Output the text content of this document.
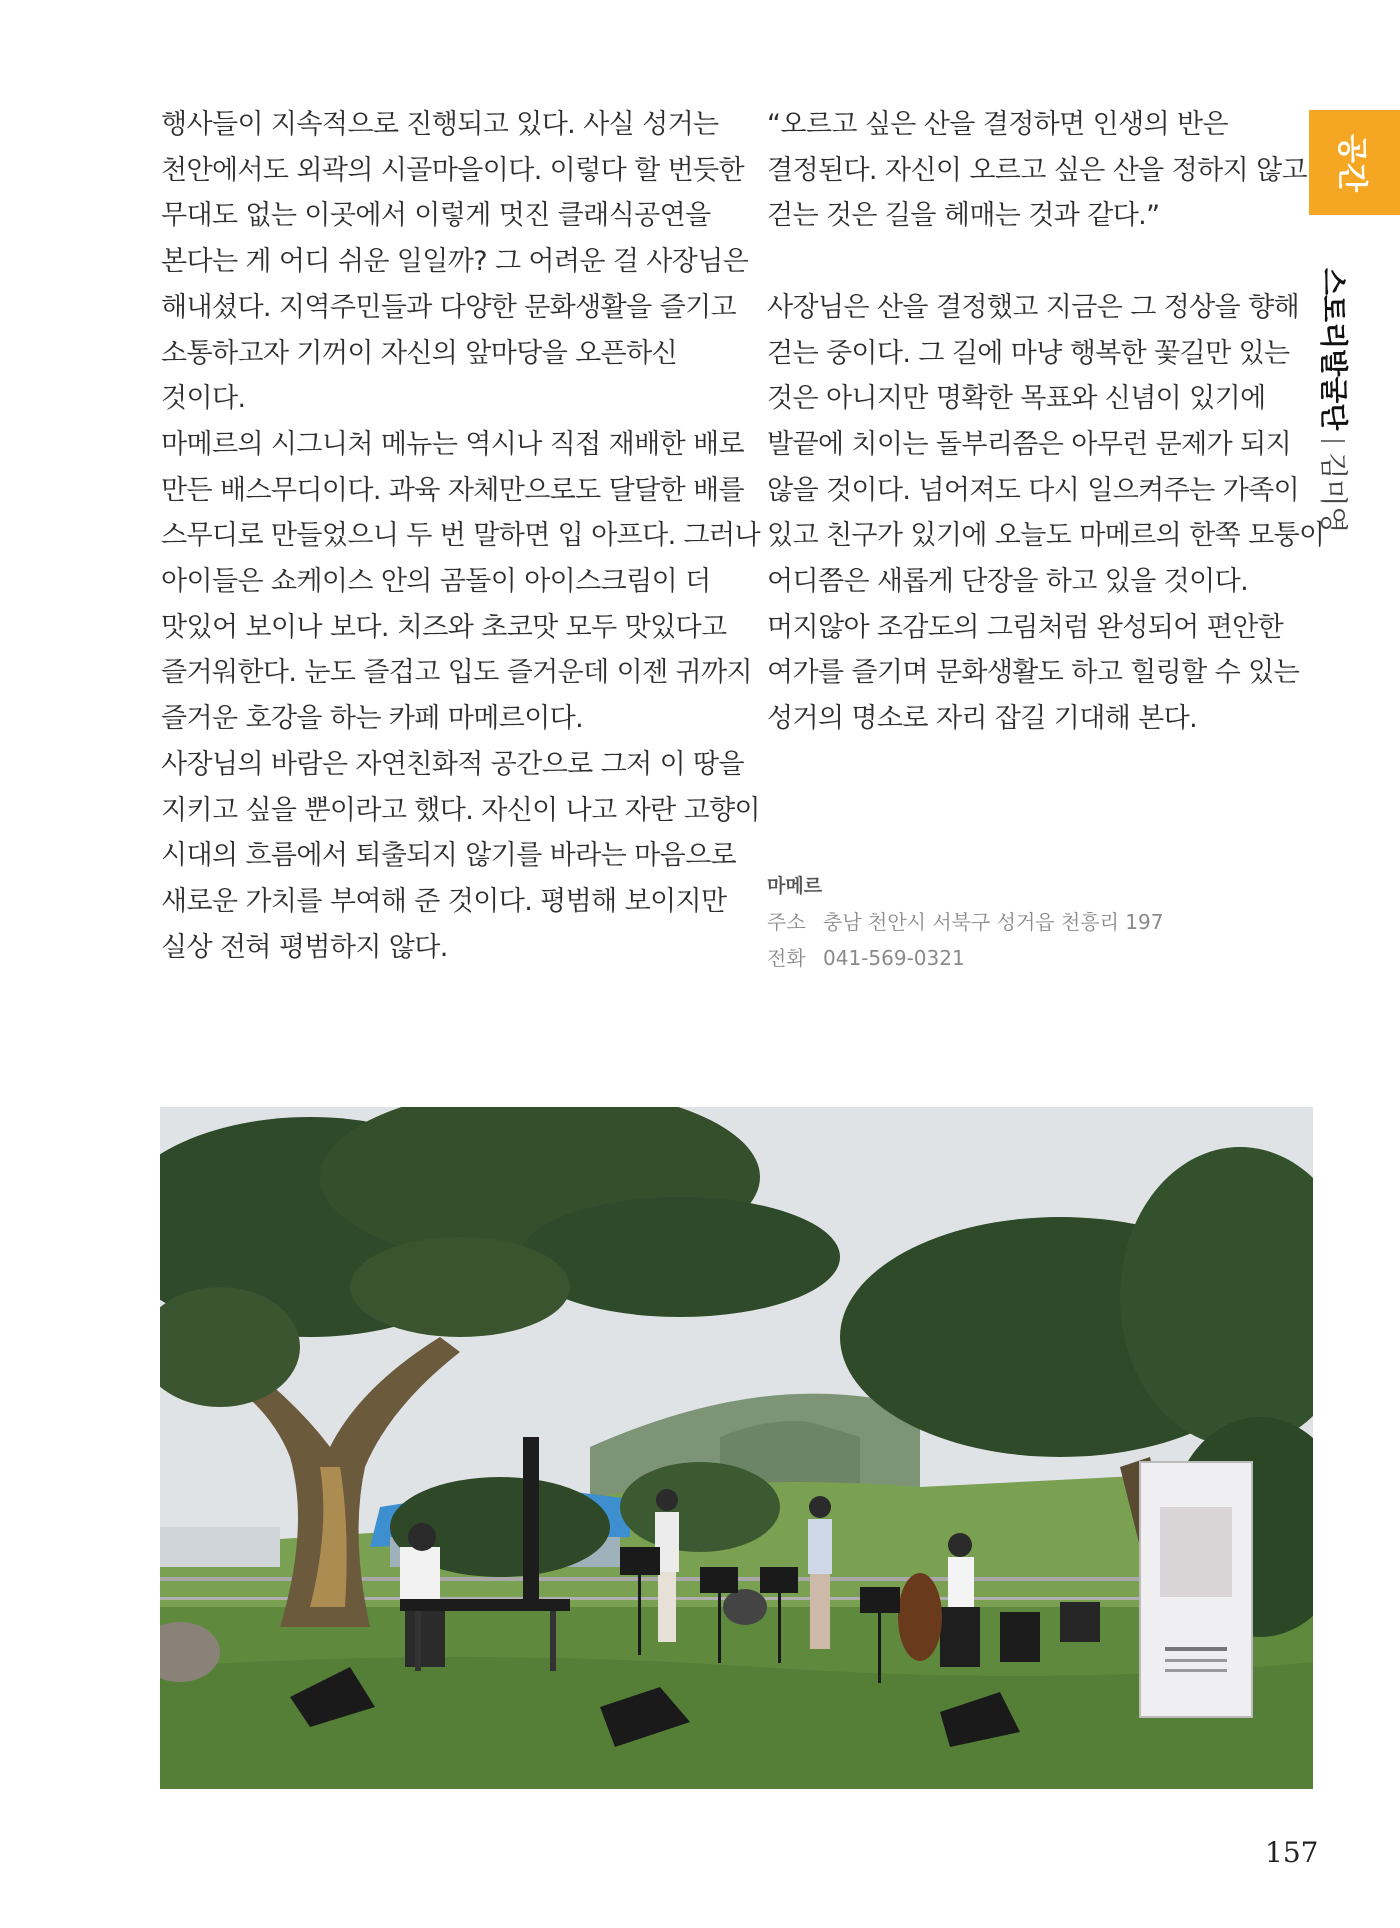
행사들이 지속적으로 진행되고 있다. 사실 성거는

천안에서도 외곽의 시골마을이다. 이렇다 할 번듯한

무대도 없는 이곳에서 이렇게 멋진 클래식공연을

본다는 게 어디 쉬운 일일까? 그 어려운 걸 사장님은

해내셨다. 지역주민들과 다양한 문화생활을 즐기고

소통하고자 기꺼이 자신의 앞마당을 오픈하신

것이다.

마메르의 시그니처 메뉴는 역시나 직접 재배한 배로

만든 배스무디이다. 과육 자체만으로도 달달한 배를

스무디로 만들었으니 두 번 말하면 입 아프다. 그러나

아이들은 쇼케이스 안의 곰돌이 아이스크림이 더

맛있어 보이나 보다. 치즈와 초코맛 모두 맛있다고

즐거워한다. 눈도 즐겁고 입도 즐거운데 이젠 귀까지

즐거운 호강을 하는 카페 마메르이다.

사장님의 바람은 자연친화적 공간으로 그저 이 땅을

지키고 싶을 뿐이라고 했다. 자신이 나고 자란 고향이

시대의 흐름에서 퇴출되지 않기를 바라는 마음으로

새로운 가치를 부여해 준 것이다. 평범해 보이지만

실상 전혀 평범하지 않다.

“오르고 싶은 산을 결정하면 인생의 반은

결정된다. 자신이 오르고 싶은 산을 정하지 않고

걷는 것은 길을 헤매는 것과 같다.”

사장님은 산을 결정했고 지금은 그 정상을 향해

걷는 중이다. 그 길에 마냥 행복한 꽃길만 있는

것은 아니지만 명확한 목표와 신념이 있기에

발끝에 치이는 돌부리쯤은 아무런 문제가 되지

않을 것이다. 넘어져도 다시 일으켜주는 가족이

있고 친구가 있기에 오늘도 마메르의 한쪽 모퉁이

어디쯤은 새롭게 단장을 하고 있을 것이다.

머지않아 조감도의 그림처럼 완성되어 편안한

여가를 즐기며 문화생활도 하고 힐링할 수 있는

성거의 명소로 자리 잡길 기대해 본다.

마메르
주소 충남 천안시 서북구 성거읍 천흥리 197
전화 041-569-0321
공간
스토리발굴단김미영
157
